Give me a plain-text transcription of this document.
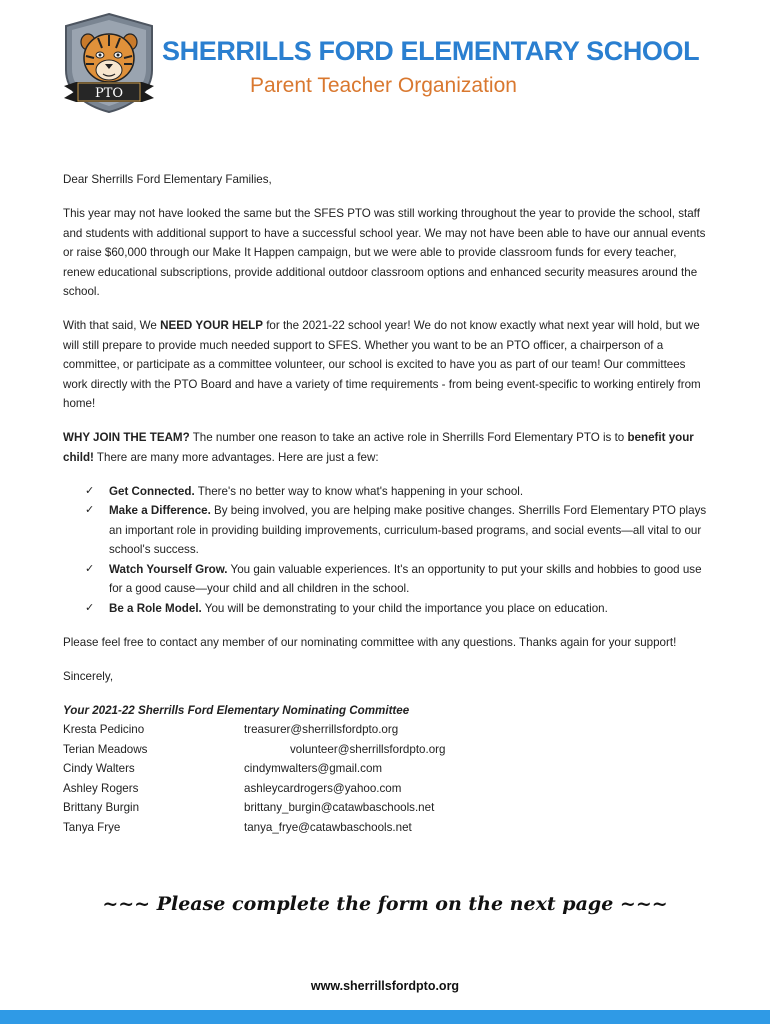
PTO
SHERRILLS FORD ELEMENTARY SCHOOL
Parent Teacher Organization

Dear Sherrills Ford Elementary Families,

This year may not have looked the same but the SFES PTO was still working throughout the year to provide the school, staff and students with additional support to have a successful school year. We may not have been able to have our annual events or raise $60,000 through our Make It Happen campaign, but we were able to provide classroom funds for every teacher, renew educational subscriptions, provide additional outdoor classroom options and enhanced security measures around the school.

With that said, We NEED YOUR HELP for the 2021-22 school year! We do not know exactly what next year will hold, but we will still prepare to provide much needed support to SFES. Whether you want to be an PTO officer, a chairperson of a committee, or participate as a committee volunteer, our school is excited to have you as part of our team! Our committees work directly with the PTO Board and have a variety of time requirements - from being event-specific to working entirely from home!

WHY JOIN THE TEAM? The number one reason to take an active role in Sherrills Ford Elementary PTO is to benefit your child! There are many more advantages. Here are just a few:

✓ Get Connected. There's no better way to know what's happening in your school.
✓ Make a Difference. By being involved, you are helping make positive changes. Sherrills Ford Elementary PTO plays an important role in providing building improvements, curriculum-based programs, and social events—all vital to our school's success.
✓ Watch Yourself Grow. You gain valuable experiences. It's an opportunity to put your skills and hobbies to good use for a good cause—your child and all children in the school.
✓ Be a Role Model. You will be demonstrating to your child the importance you place on education.

Please feel free to contact any member of our nominating committee with any questions. Thanks again for your support!

Sincerely,

Your 2021-22 Sherrills Ford Elementary Nominating Committee
Kresta Pedicino	treasurer@sherrillsfordpto.org
Terian Meadows	volunteer@sherrillsfordpto.org
Cindy Walters	cindymwalters@gmail.com
Ashley Rogers	ashleycardrogers@yahoo.com
Brittany Burgin	brittany_burgin@catawbaschools.net
Tanya Frye	tanya_frye@catawbaschools.net
~~~ Please complete the form on the next page ~~~
www.sherrillsfordpto.org
